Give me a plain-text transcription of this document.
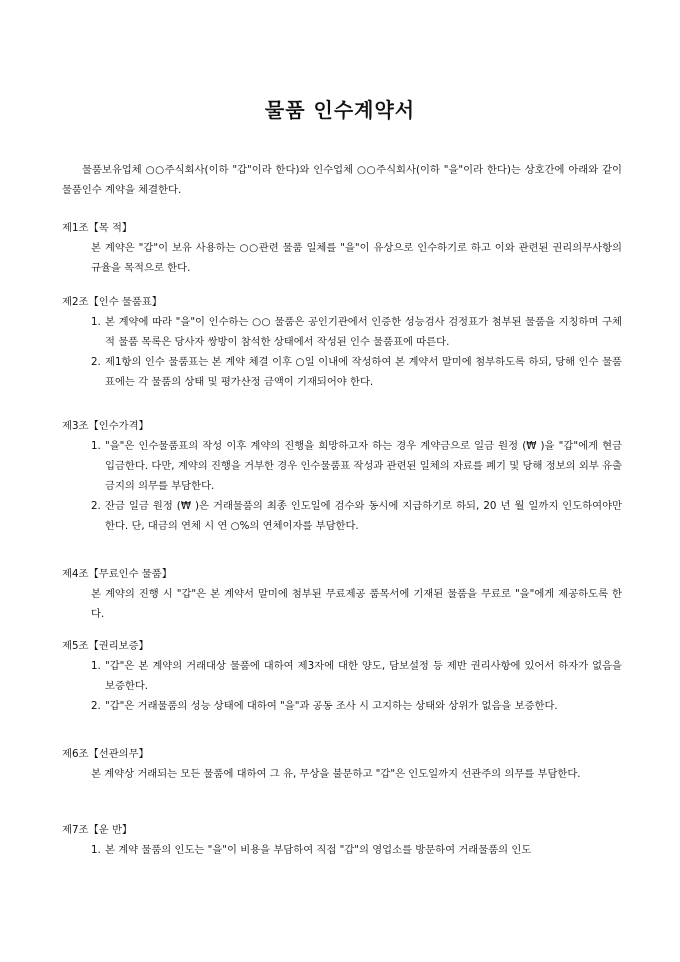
물품 인수계약서
물품보유업체 ○○주식회사(이하 "갑"이라 한다)와 인수업체 ○○주식회사(이하 "을"이라 한다)는 상호간에 아래와 같이 물품인수 계약을 체결한다.
제1조【목 적】
본 계약은 "갑"이 보유 사용하는 ○○관련 물품 일체를 "을"이 유상으로 인수하기로 하고 이와 관련된 권리의무사항의 규율을 목적으로 한다.
제2조【인수 물품표】
1. 본 계약에 따라 "을"이 인수하는 ○○ 물품은 공인기관에서 인증한 성능검사 검정표가 첨부된 물품을 지칭하며 구체적 물품 목록은 당사자 쌍방이 참석한 상태에서 작성된 인수 물품표에 따른다.
2. 제1항의 인수 물품표는 본 계약 체결 이후 ○일 이내에 작성하여 본 계약서 말미에 첨부하도록 하되, 당해 인수 물품표에는 각 물품의 상태 및 평가산정 금액이 기재되어야 한다.
제3조【인수가격】
1. "을"은 인수물품표의 작성 이후 계약의 진행을 희망하고자 하는 경우 계약금으로 일금 원정 (₩ )을 "갑"에게 현금 입금한다. 다만, 계약의 진행을 거부한 경우 인수물품표 작성과 관련된 일체의 자료를 폐기 및 당해 정보의 외부 유출 금지의 의무를 부담한다.
2. 잔금 일금 원정 (₩ )은 거래물품의 최종 인도일에 검수와 동시에 지급하기로 하되, 20 년 월 일까지 인도하여야만 한다. 단, 대금의 연체 시 연 ○%의 연체이자를 부담한다.
제4조【무료인수 물품】
본 계약의 진행 시 "갑"은 본 계약서 말미에 첨부된 무료제공 품목서에 기재된 물품을 무료로 "을"에게 제공하도록 한다.
제5조【권리보증】
1. "갑"은 본 계약의 거래대상 물품에 대하여 제3자에 대한 양도, 담보설정 등 제반 권리사항에 있어서 하자가 없음을 보증한다.
2. "갑"은 거래물품의 성능 상태에 대하여 "을"과 공동 조사 시 고지하는 상태와 상위가 없음을 보증한다.
제6조【선관의무】
본 계약상 거래되는 모든 물품에 대하여 그 유, 무상을 불문하고 "갑"은 인도일까지 선관주의 의무를 부담한다.
제7조【운 반】
1. 본 계약 물품의 인도는 "을"이 비용을 부담하여 직접 "갑"의 영업소를 방문하여 거래물품의 인도
